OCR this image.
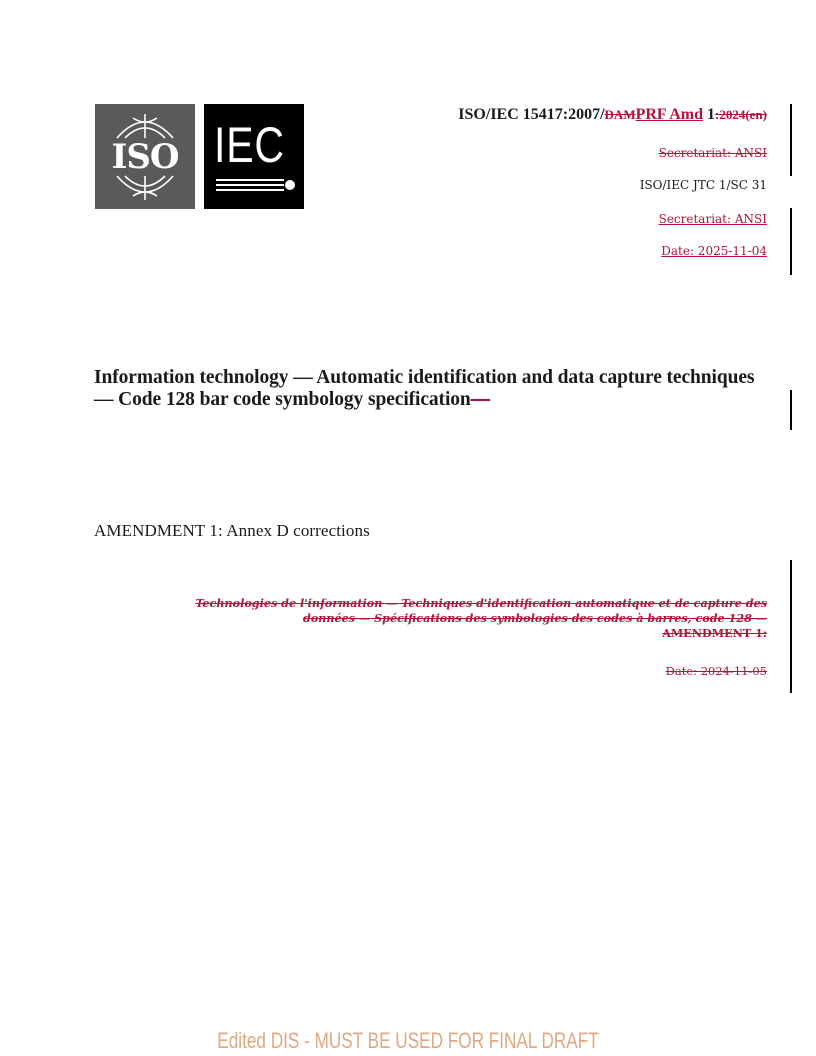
ISO IEC
ISO/IEC 15417:2007/DAMPRF Amd 1:2024(en)
Secretariat: ANSI
ISO/IEC JTC 1/SC 31
Secretariat: ANSI
Date: 2025-11-04
Information technology — Automatic identification and data capture techniques — Code 128 bar code symbology specification—
AMENDMENT 1: Annex D corrections
Technologies de l'information — Techniques d'identification automatique et de capture des données — Spécifications des symbologies des codes à barres, code 128 —
AMENDMENT 1:
Date: 2024-11-05
Edited DIS - MUST BE USED FOR FINAL DRAFT
